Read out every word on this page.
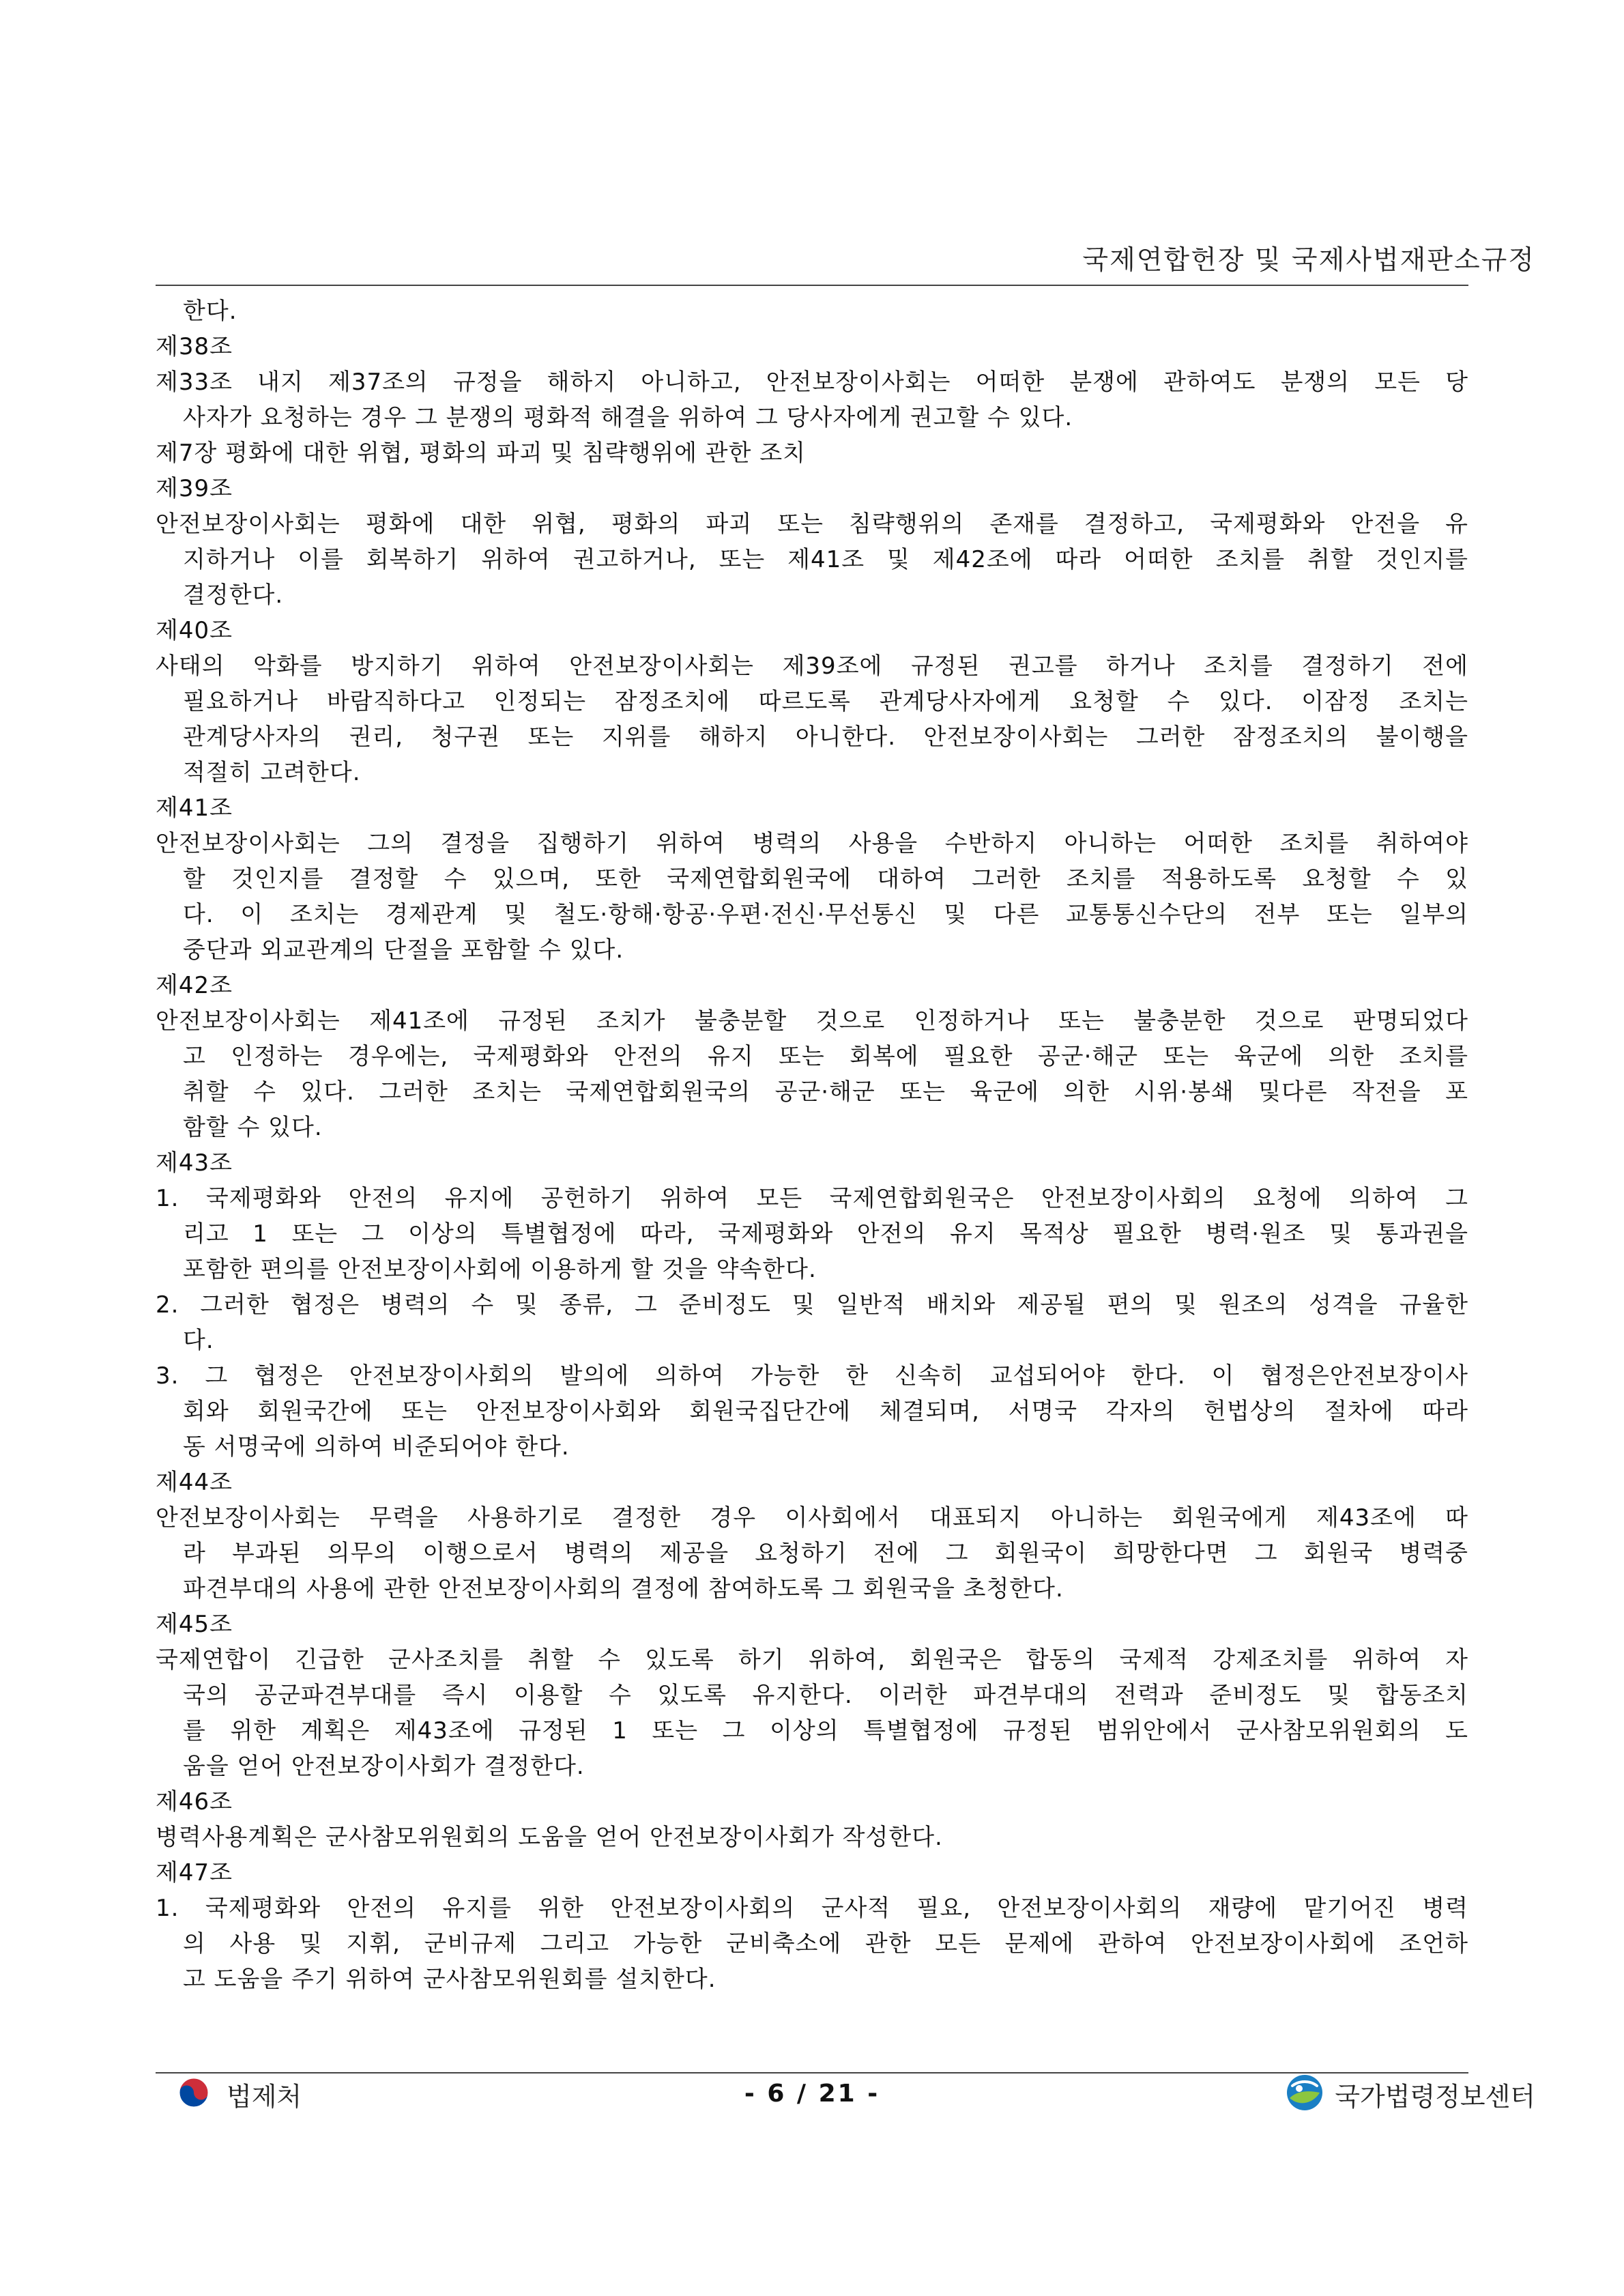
국제연합헌장 및 국제사법재판소규정
한다.
제38조
제33조 내지 제37조의 규정을 해하지 아니하고, 안전보장이사회는 어떠한 분쟁에 관하여도 분쟁의 모든 당
사자가 요청하는 경우 그 분쟁의 평화적 해결을 위하여 그 당사자에게 권고할 수 있다.
제7장 평화에 대한 위협, 평화의 파괴 및 침략행위에 관한 조치
제39조
안전보장이사회는 평화에 대한 위협, 평화의 파괴 또는 침략행위의 존재를 결정하고, 국제평화와 안전을 유
지하거나 이를 회복하기 위하여 권고하거나, 또는 제41조 및 제42조에 따라 어떠한 조치를 취할 것인지를
결정한다.
제40조
사태의 악화를 방지하기 위하여 안전보장이사회는 제39조에 규정된 권고를 하거나 조치를 결정하기 전에
필요하거나 바람직하다고 인정되는 잠정조치에 따르도록 관계당사자에게 요청할 수 있다. 이잠정 조치는
관계당사자의 권리, 청구권 또는 지위를 해하지 아니한다. 안전보장이사회는 그러한 잠정조치의 불이행을
적절히 고려한다.
제41조
안전보장이사회는 그의 결정을 집행하기 위하여 병력의 사용을 수반하지 아니하는 어떠한 조치를 취하여야
할 것인지를 결정할 수 있으며, 또한 국제연합회원국에 대하여 그러한 조치를 적용하도록 요청할 수 있
다. 이 조치는 경제관계 및 철도·항해·항공·우편·전신·무선통신 및 다른 교통통신수단의 전부 또는 일부의
중단과 외교관계의 단절을 포함할 수 있다.
제42조
안전보장이사회는 제41조에 규정된 조치가 불충분할 것으로 인정하거나 또는 불충분한 것으로 판명되었다
고 인정하는 경우에는, 국제평화와 안전의 유지 또는 회복에 필요한 공군·해군 또는 육군에 의한 조치를
취할 수 있다. 그러한 조치는 국제연합회원국의 공군·해군 또는 육군에 의한 시위·봉쇄 및다른 작전을 포
함할 수 있다.
제43조
1. 국제평화와 안전의 유지에 공헌하기 위하여 모든 국제연합회원국은 안전보장이사회의 요청에 의하여 그
리고 1 또는 그 이상의 특별협정에 따라, 국제평화와 안전의 유지 목적상 필요한 병력·원조 및 통과권을
포함한 편의를 안전보장이사회에 이용하게 할 것을 약속한다.
2. 그러한 협정은 병력의 수 및 종류, 그 준비정도 및 일반적 배치와 제공될 편의 및 원조의 성격을 규율한
다.
3. 그 협정은 안전보장이사회의 발의에 의하여 가능한 한 신속히 교섭되어야 한다. 이 협정은안전보장이사
회와 회원국간에 또는 안전보장이사회와 회원국집단간에 체결되며, 서명국 각자의 헌법상의 절차에 따라
동 서명국에 의하여 비준되어야 한다.
제44조
안전보장이사회는 무력을 사용하기로 결정한 경우 이사회에서 대표되지 아니하는 회원국에게 제43조에 따
라 부과된 의무의 이행으로서 병력의 제공을 요청하기 전에 그 회원국이 희망한다면 그 회원국 병력중
파견부대의 사용에 관한 안전보장이사회의 결정에 참여하도록 그 회원국을 초청한다.
제45조
국제연합이 긴급한 군사조치를 취할 수 있도록 하기 위하여, 회원국은 합동의 국제적 강제조치를 위하여 자
국의 공군파견부대를 즉시 이용할 수 있도록 유지한다. 이러한 파견부대의 전력과 준비정도 및 합동조치
를 위한 계획은 제43조에 규정된 1 또는 그 이상의 특별협정에 규정된 범위안에서 군사참모위원회의 도
움을 얻어 안전보장이사회가 결정한다.
제46조
병력사용계획은 군사참모위원회의 도움을 얻어 안전보장이사회가 작성한다.
제47조
1. 국제평화와 안전의 유지를 위한 안전보장이사회의 군사적 필요, 안전보장이사회의 재량에 맡기어진 병력
의 사용 및 지휘, 군비규제 그리고 가능한 군비축소에 관한 모든 문제에 관하여 안전보장이사회에 조언하
고 도움을 주기 위하여 군사참모위원회를 설치한다.
법제처	- 6 / 21 -	국가법령정보센터
